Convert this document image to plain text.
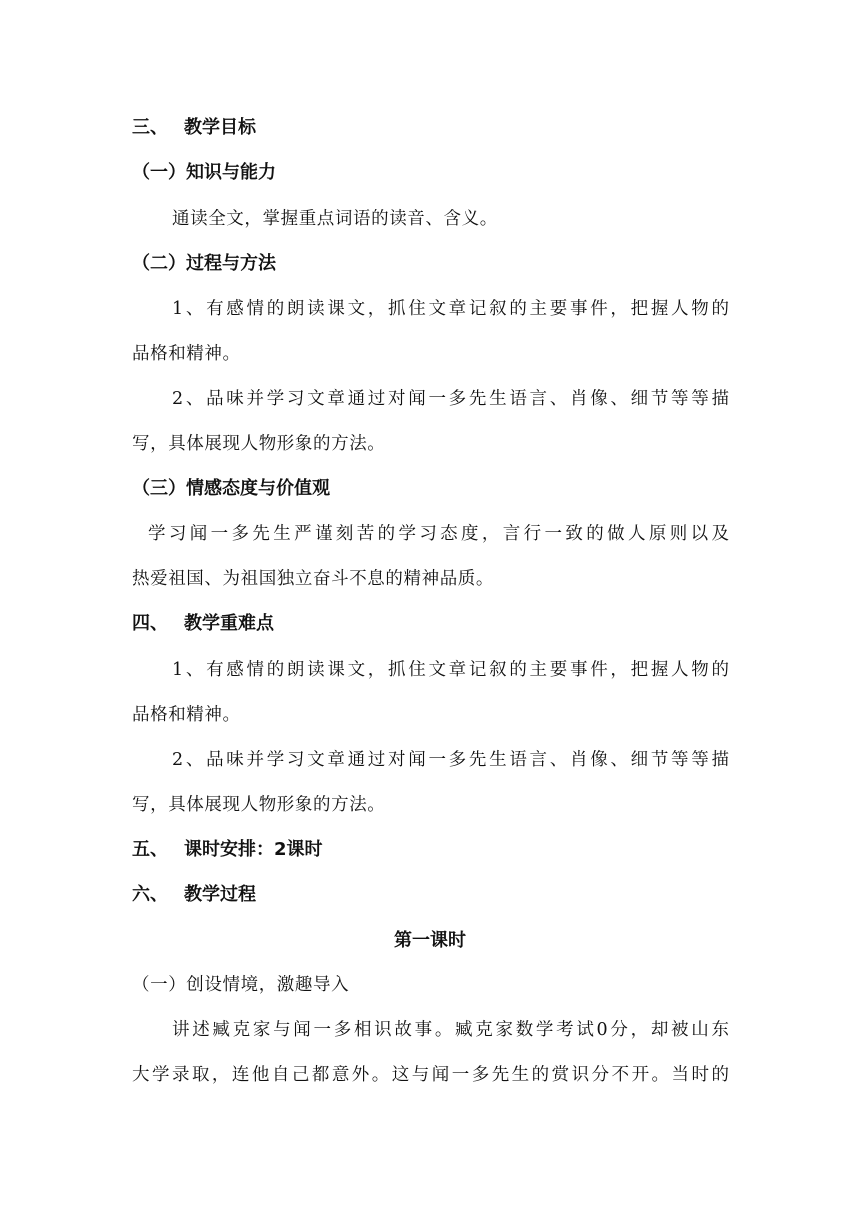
三、 教学目标
（一）知识与能力
通读全文，掌握重点词语的读音、含义。
（二）过程与方法
1、有感情的朗读课文，抓住文章记叙的主要事件，把握人物的
品格和精神。
2、品味并学习文章通过对闻一多先生语言、肖像、细节等等描
写，具体展现人物形象的方法。
（三）情感态度与价值观
学习闻一多先生严谨刻苦的学习态度，言行一致的做人原则以及
热爱祖国、为祖国独立奋斗不息的精神品质。
四、 教学重难点
1、有感情的朗读课文，抓住文章记叙的主要事件，把握人物的
品格和精神。
2、品味并学习文章通过对闻一多先生语言、肖像、细节等等描
写，具体展现人物形象的方法。
五、 课时安排：2课时
六、 教学过程
第一课时
（一）创设情境，激趣导入
讲述臧克家与闻一多相识故事。臧克家数学考试0分，却被山东
大学录取，连他自己都意外。这与闻一多先生的赏识分不开。当时的
